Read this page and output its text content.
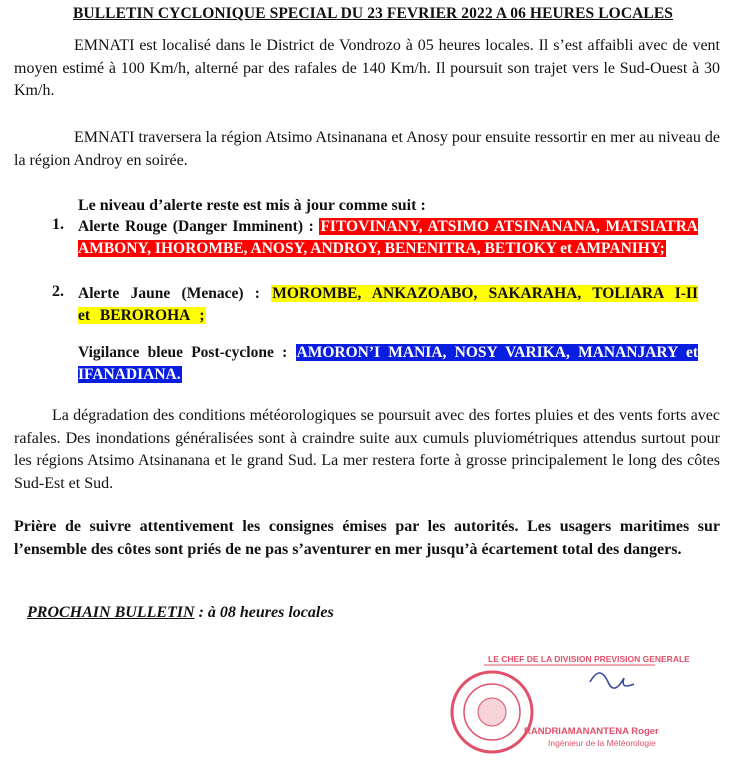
BULLETIN CYCLONIQUE SPECIAL DU 23 FEVRIER 2022 A 06 HEURES LOCALES
EMNATI est localisé dans le District de Vondrozo à 05 heures locales. Il s’est affaibli avec de vent moyen estimé à 100 Km/h, alterné par des rafales de 140 Km/h. Il poursuit son trajet vers le Sud-Ouest à 30 Km/h.
EMNATI traversera la région Atsimo Atsinanana et Anosy pour ensuite ressortir en mer au niveau de la région Androy en soirée.
Le niveau d’alerte reste est mis à jour comme suit :
1. Alerte Rouge (Danger Imminent) : FITOVINANY, ATSIMO ATSINANANA, MATSIATRA AMBONY, IHOROMBE, ANOSY, ANDROY, BENENITRA, BETIOKY et AMPANIHY;
2. Alerte Jaune (Menace) : MOROMBE, ANKAZOABO, SAKARAHA, TOLIARA I-II et BEROROHA ;
Vigilance bleue Post-cyclone : AMORON’I MANIA, NOSY VARIKA, MANANJARY et IFANADIANA.
La dégradation des conditions météorologiques se poursuit avec des fortes pluies et des vents forts avec rafales. Des inondations généralisées sont à craindre suite aux cumuls pluviométriques attendus surtout pour les régions Atsimo Atsinanana et le grand Sud. La mer restera forte à grosse principalement le long des côtes Sud-Est et Sud.
Prière de suivre attentivement les consignes émises par les autorités. Les usagers maritimes sur l’ensemble des côtes sont priés de ne pas s’aventurer en mer jusqu’à écartement total des dangers.
PROCHAIN BULLETIN : à 08 heures locales
LE CHEF DE LA DIVISION PREVISION GENERALE
RANDRIAMANANTENA Roger
Ingénieur de la Météorologie
